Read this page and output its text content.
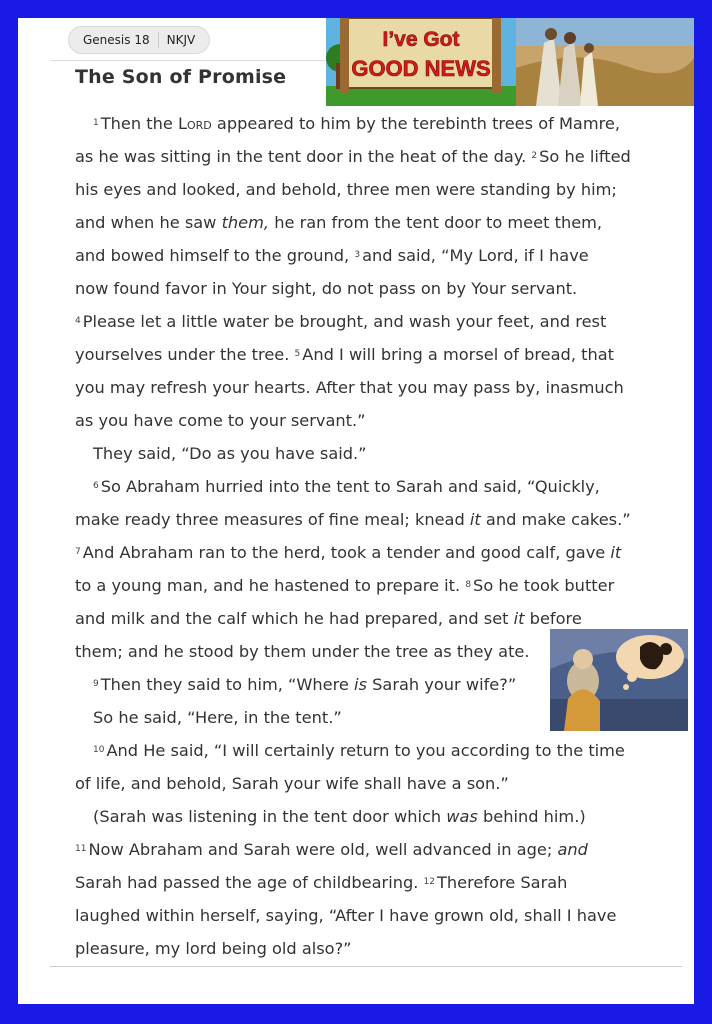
Genesis 18	NKJV
The Son of Promise
I’ve Got
GOOD NEWS

$^1$ Then the Lord appeared to him by the terebinth trees of Mamre,

as he was sitting in the tent door in the heat of the day. $^2$ So he lifted

his eyes and looked, and behold, three men were standing by him;

and when he saw them, he ran from the tent door to meet them,

and bowed himself to the ground, $^3$ and said, “My Lord, if I have

now found favor in Your sight, do not pass on by Your servant.

$^4$ Please let a little water be brought, and wash your feet, and rest

yourselves under the tree. $^5$ And I will bring a morsel of bread, that

you may refresh your hearts. After that you may pass by, inasmuch

as you have come to your servant.”

They said, “Do as you have said.”

$^6$ So Abraham hurried into the tent to Sarah and said, “Quickly,

make ready three measures of fine meal; knead it and make cakes.”

$^7$ And Abraham ran to the herd, took a tender and good calf, gave it

to a young man, and he hastened to prepare it. $^8$ So he took butter

and milk and the calf which he had prepared, and set it before

them; and he stood by them under the tree as they ate.

$^9$ Then they said to him, “Where is Sarah your wife?”

So he said, “Here, in the tent.”

$^{10}$ And He said, “I will certainly return to you according to the time

of life, and behold, Sarah your wife shall have a son.”

(Sarah was listening in the tent door which was behind him.)

$^{11}$ Now Abraham and Sarah were old, well advanced in age; and

Sarah had passed the age of childbearing. $^{12}$ Therefore Sarah

laughed within herself, saying, “After I have grown old, shall I have

pleasure, my lord being old also?”
